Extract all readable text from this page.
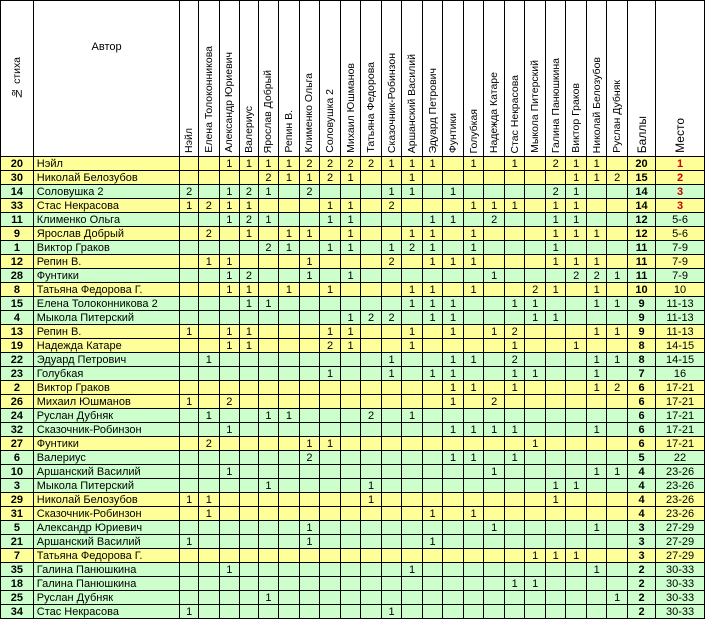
№ стиха	Автор	Нэйл	Елена Толоконникова	Александр Юриевич	Валериус	Ярослав Добрый	Репин В.	Клименко Ольга	Соловушка 2	Михаил Юшманов	Татьяна Федорова	Сказочник-Робинзон	Аршанский Василий	Эдуард Петрович	Фунтики	Голубкая	Надежда Катаре	Стас Некрасова	Мыкола Питерский	Галина Панюшкина	Виктор Граков	Николай Белозубов	Руслан Дубняк	Баллы	Место
20	Нэйл			1	1	1	1	2	2	2	2	1	1	1		1		1		2	1	1		20	1
30	Николай Белозубов					2	1	1	2	1			1								1	1	2	15	2
14	Соловушка 2	2		1	2	1		2				1	1		1					2	1			14	3
33	Стас Некрасова	1	2	1	1				1	1		2				1	1	1		1	1			14	3
11	Клименко Ольга			1	2	1			1	1				1	1		2			1	1			12	5-6
9	Ярослав Добрый		2		1		1	1		1			1	1		1				1	1	1		12	5-6
1	Виктор Граков					2	1		1	1		1	2	1		1				1				11	7-9
12	Репин В.		1	1				1				2		1	1	1				1	1	1		11	7-9
28	Фунтики			1	2			1		1							1				2	2	1	11	7-9
8	Татьяна Федорова Г.			1	1		1		1				1	1		1			2	1		1		10	10
15	Елена Толоконникова 2				1	1							1	1	1			1	1			1	1	9	11-13
4	Мыкола Питерский									1	2	2		1	1				1	1				9	11-13
13	Репин В.	1		1	1				1	1			1		1		1	2				1	1	9	11-13
19	Надежда Катаре			1	1				2	1			1					1			1			8	14-15
22	Эдуард Петрович		1									1			1	1		2				1	1	8	14-15
23	Голубкая								1			1		1	1			1	1			1		7	16
2	Виктор Граков														1	1		1				1	2	6	17-21
26	Михаил Юшманов	1		2											1		2							6	17-21
24	Руслан Дубняк		1			1	1				2		1											6	17-21
32	Сказочник-Робинзон			1											1	1	1	1				1		6	17-21
27	Фунтики		2					1	1										1					6	17-21
6	Валериус							2							1	1		1						5	22
10	Аршанский Василий			1													1					1	1	4	23-26
3	Мыкола Питерский					1					1									1	1			4	23-26
29	Николай Белозубов	1	1								1									1				4	23-26
31	Сказочник-Робинзон		1											1		1								4	23-26
5	Александр Юриевич							1									1					1		3	27-29
21	Аршанский Василий	1						1						1										3	27-29
7	Татьяна Федорова Г.																		1	1	1			3	27-29
35	Галина Панюшкина			1									1									1		2	30-33
18	Галина Панюшкина																	1	1					2	30-33
25	Руслан Дубняк					1																	1	2	30-33
34	Стас Некрасова	1										1												2	30-33
